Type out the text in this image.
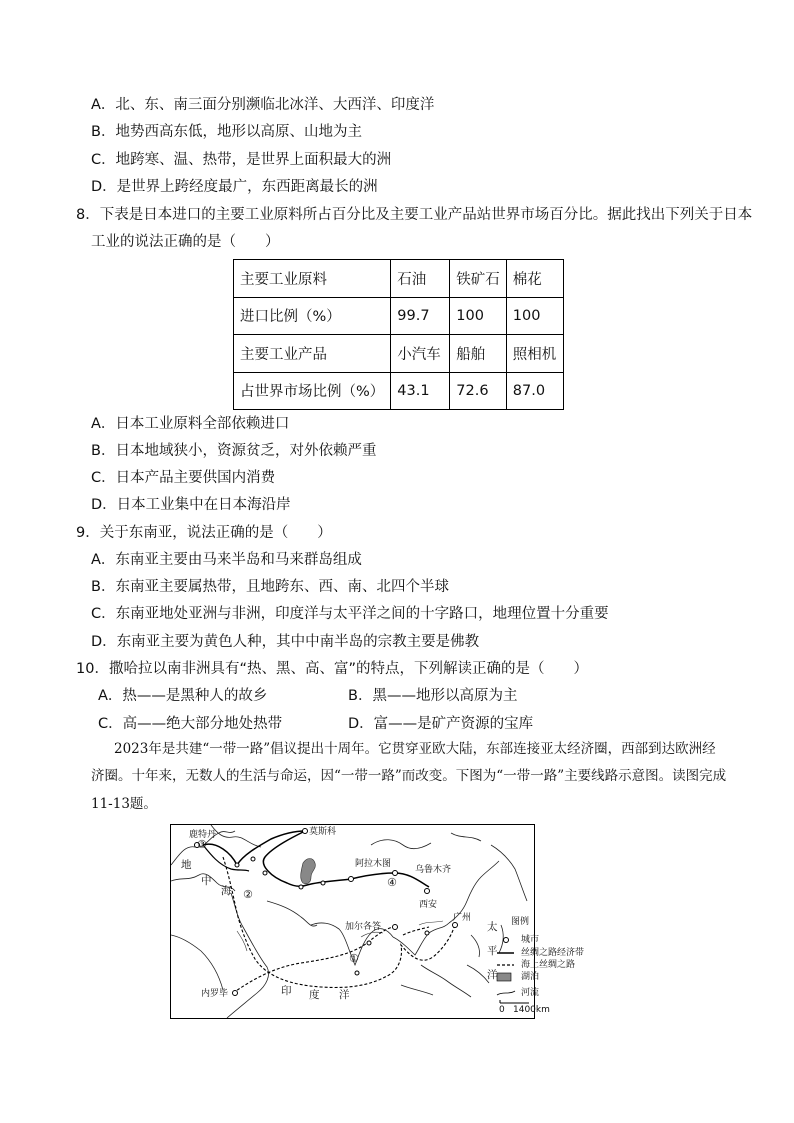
A．北、东、南三面分别濒临北冰洋、大西洋、印度洋
B．地势西高东低，地形以高原、山地为主
C．地跨寒、温、热带，是世界上面积最大的洲
D．是世界上跨经度最广，东西距离最长的洲
8．下表是日本进口的主要工业原料所占百分比及主要工业产品站世界市场百分比。据此找出下列关于日本
工业的说法正确的是（　　）
主要工业原料	石油	铁矿石	棉花
进口比例（%）	99.7	100	100
主要工业产品	小汽车	船舶	照相机
占世界市场比例（%）	43.1	72.6	87.0
A．日本工业原料全部依赖进口
B．日本地域狭小，资源贫乏，对外依赖严重
C．日本产品主要供国内消费
D．日本工业集中在日本海沿岸
9．关于东南亚，说法正确的是（　　）
A．东南亚主要由马来半岛和马来群岛组成
B．东南亚主要属热带，且地跨东、西、南、北四个半球
C．东南亚地处亚洲与非洲，印度洋与太平洋之间的十字路口，地理位置十分重要
D．东南亚主要为黄色人种，其中中南半岛的宗教主要是佛教
10．撒哈拉以南非洲具有“热、黑、高、富”的特点，下列解读正确的是（　　）
A．热——是黑种人的故乡	B．黑——地形以高原为主
C．高——绝大部分地处热带	D．富——是矿产资源的宝库
2023年是共建“一带一路”倡议提出十周年。它贯穿亚欧大陆，东部连接亚太经济圈，西部到达欧洲经
济圈。十年来，无数人的生活与命运，因“一带一路”而改变。下图为“一带一路”主要线路示意图。读图完成
11-13题。
鹿特丹	莫斯科
阿拉木图
乌鲁木齐
西安
广州
加尔各答
内罗毕
地
中
海
印 度 洋
太
平
洋
①
②
③
④
图例
城市
丝绸之路经济带
海上丝绸之路
湖泊
河流
0 1400km
